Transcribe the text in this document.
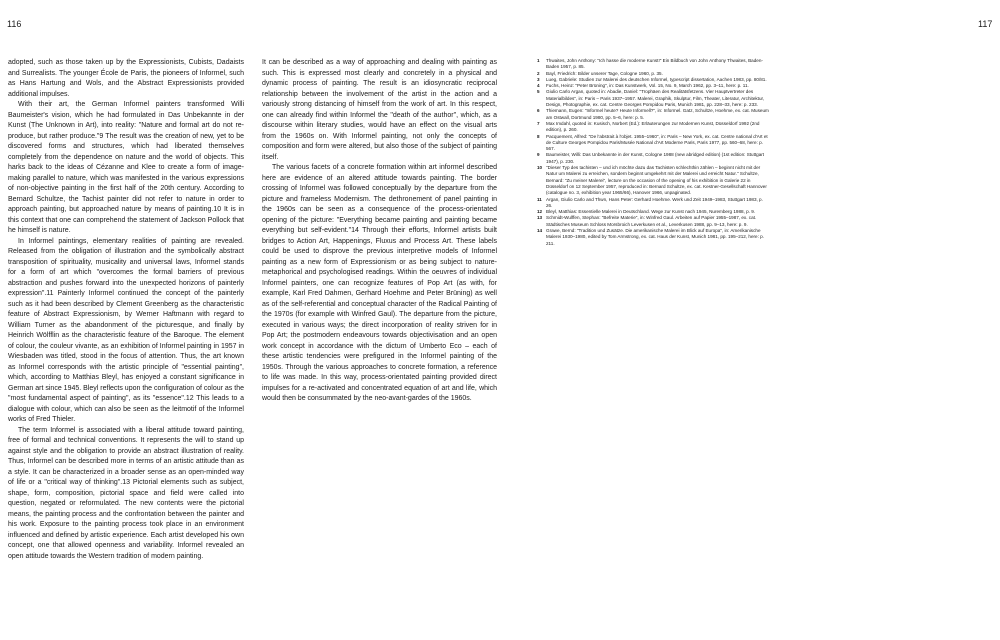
116	117

adopted, such as those taken up by the Expressionists, Cubists, Dadaists and Surrealists. The younger École de Paris, the pioneers of Informel, such as Hans Hartung and Wols, and the Abstract Expressionists provided additional impulses.

With their art, the German Informel painters transformed Willi Baumeister's vision, which he had formulated in Das Unbekannte in der Kunst (The Unknown in Art), into reality: "Nature and formal art do not re-produce, but rather produce."9 The result was the creation of new, yet to be discovered forms and structures, which had liberated themselves completely from the dependence on nature and the world of objects. This harks back to the ideas of Cézanne and Klee to create a form of image-making parallel to nature, which was manifested in the various expressions of non-objective painting in the first half of the 20th century. According to Bernard Schultze, the Tachist painter did not refer to nature in order to approach painting, but approached nature by means of painting.10 It is in this context that one can comprehend the statement of Jackson Pollock that he himself is nature.

In Informel paintings, elementary realities of painting are revealed. Released from the obligation of illustration and the symbolically abstract transposition of spirituality, musicality and universal laws, Informel stands for a form of art which "overcomes the formal barriers of previous abstraction and pushes forward into the unexpected horizons of painterly expression".11 Painterly Informel continued the concept of the painterly such as it had been described by Clement Greenberg as the characteristic feature of Abstract Expressionism, by Werner Haftmann with regard to William Turner as the abandonment of the picturesque, and finally by Heinrich Wölfflin as the characteristic feature of the Baroque. The element of colour, the couleur vivante, as an exhibition of Informel painting in 1957 in Wiesbaden was titled, stood in the focus of attention. Thus, the art known as Informel corresponds with the artistic principle of "essential painting", which, according to Matthias Bleyl, has enjoyed a constant significance in German art since 1945. Bleyl reflects upon the configuration of colour as the "most fundamental aspect of painting", as its "essence".12 This leads to a dialogue with colour, which can also be seen as the leitmotif of the Informel works of Fred Thieler.

The term Informel is associated with a liberal attitude toward painting, free of formal and technical conventions. It represents the will to stand up against style and the obligation to provide an abstract illustration of reality. Thus, Informel can be described more in terms of an artistic attitude than as a style. It can be characterized in a broader sense as an open-minded way of life or a "critical way of thinking".13 Pictorial elements such as subject, shape, form, composition, pictorial space and field were called into question, negated or reformulated. The new contents were the pictorial means, the painting process and the confrontation between the painter and his work. Exposure to the painting process took place in an environment influenced and defined by artistic experience. Each artist developed his own concept, one that allowed openness and variability. Informel revealed an open attitude towards the Western tradition of modern painting.

It can be described as a way of approaching and dealing with painting as such. This is expressed most clearly and concretely in a physical and dynamic process of painting. The result is an idiosyncratic reciprocal relationship between the involvement of the artist in the action and a variously strong distancing of himself from the work of art. In this respect, one can already find within Informel the "death of the author", which, as a discourse within literary studies, would have an effect on the visual arts from the 1960s on. With Informel painting, not only the concepts of composition and form were altered, but also those of the subject of painting itself.

The various facets of a concrete formation within art informel described here are evidence of an altered attitude towards painting. The border crossing of Informel was followed conceptually by the departure from the picture and frameless Modernism. The dethronement of panel painting in the 1960s can be seen as a consequence of the process-orientated opening of the picture: "Everything became painting and painting became everything but self-evident."14 Through their efforts, Informel artists built bridges to Action Art, Happenings, Fluxus and Process Art. These labels could be used to disprove the previous interpretive models of Informel painting as a new form of Expressionism or as being subject to nature-metaphorical and psychologised readings. Within the oeuvres of individual Informel painters, one can recognize features of Pop Art (as with, for example, Karl Fred Dahmen, Gerhard Hoehme and Peter Brüning) as well as of the self-referential and conceptual character of the Radical Painting of the 1970s (for example with Winfred Gaul). The departure from the picture, executed in various ways; the direct incorporation of reality striven for in Pop Art; the postmodern endeavours towards objectivisation and an open work concept in accordance with the dictum of Umberto Eco – each of these artistic tendencies were prefigured in the Informel painting of the 1950s. Through the various approaches to concrete formation, a reference to life was made. In this way, process-orientated painting provided direct impulses for a re-activated and concentrated equation of art and life, which would then be consummated by the neo-avant-gardes of the 1960s.

1	Thwaites, John Anthony: "Ich hasse die moderne Kunst!" Ein Bildbuch von John Anthony Thwaites, Baden-Baden 1957, p. 85.
2	Bayl, Friedrich: Bilder unserer Tage, Cologne 1960, p. 35.
3	Lueg, Gabriele: Studien zur Malerei des deutschen Informel, typescript dissertation, Aachen 1983, pp. 80/81.
4	Fuchs, Heinz: "Peter Brüning", in: Das Kunstwerk, Vol. 15, No. 9, March 1962, pp. 3–11, here: p. 11.
5	Giulio Carlo Argan, quoted in: Abadie, Daniel: "Trophäen des Realitätsfetzens. Vier Hauptvertreter des Materialbildes", in: Paris – Paris 1937–1957. Malerei, Graphik, Skulptur, Film, Theater, Literatur, Architektur, Design, Photographie, ex. cat. Centre Georges Pompidou Paris, Munich 1981, pp. 228–33, here: p. 233.
6	Thiemann, Eugen: "Informel heute? Heute Informell?", in: Informel. Gatz, Schultze, Hoehme, ex. cat. Museum am Ostwall, Dortmund 1980, pp. 5–6, here: p. 5.
7	Max Imdahl, quoted in: Kusisch, Norbert (Ed.): Erläuterungen zur Modernen Kunst, Düsseldorf 1992 (2nd edition), p. 260.
8	Pacquement, Alfred: "De l'abstrait à l'objet. 1955–1960", in: Paris – New York, ex. cat. Centre national d'Art et de Culture Georges Pompidou Paris/Musée National d'Art Moderne Paris, Paris 1977, pp. 560–68, here: p. 567.
9	Baumeister, Willi: Das Unbekannte in der Kunst, Cologne 1988 (new abridged edition) (1st edition: Stuttgart 1947), p. 230.
10 "Dieser Typ des tachisten – und ich möchte dazu das Tachisten schlechthin zählen – beginnt nicht mit der Natur um Malerei zu erreichen, sondern beginnt umgekehrt mit der Malerei und erreicht Natur." Schultze, Bernard: "Zu meiner Malerei", lecture on the occasion of the opening of his exhibition in Galerie 22 in Düsseldorf on 12 September 1957, reproduced in: Bernard Schultze, ex. cat. Kestner-Gesellschaft Hannover (catalogue no. 3, exhibition year 1965/66), Hanover 1966, unpaginated.
11 Argan, Giulio Carlo and Thwn, Hans Peter: Gerhard Hoehme. Werk und Zeit 1949–1983, Stuttgart 1983, p. 26.
12 Bleyl, Matthias: Essentielle Malerei in Deutschland. Wege zur Kunst nach 1945, Nuremberg 1988, p. 9.
13 Schmidt-Wulffen, Stephan: "Befreite Materie", in: Winfred Gaul. Arbeiten auf Papier 1955–1987, ex. cat. Städtisches Museum Schloss Morsbroich Leverkusen et al., Leverkusen 1988, pp. 9–13, here: p. 9.
14 Grawe, Bernd: "Tradition und Zusätze. Die amerikanische Malerei im Blick auf Europa", in: Amerikanische Malerei 1930–1980, edited by Tom Armstrong, ex. cat. Haus der Kunst, Munich 1981, pp. 195–212, here: p. 211.
